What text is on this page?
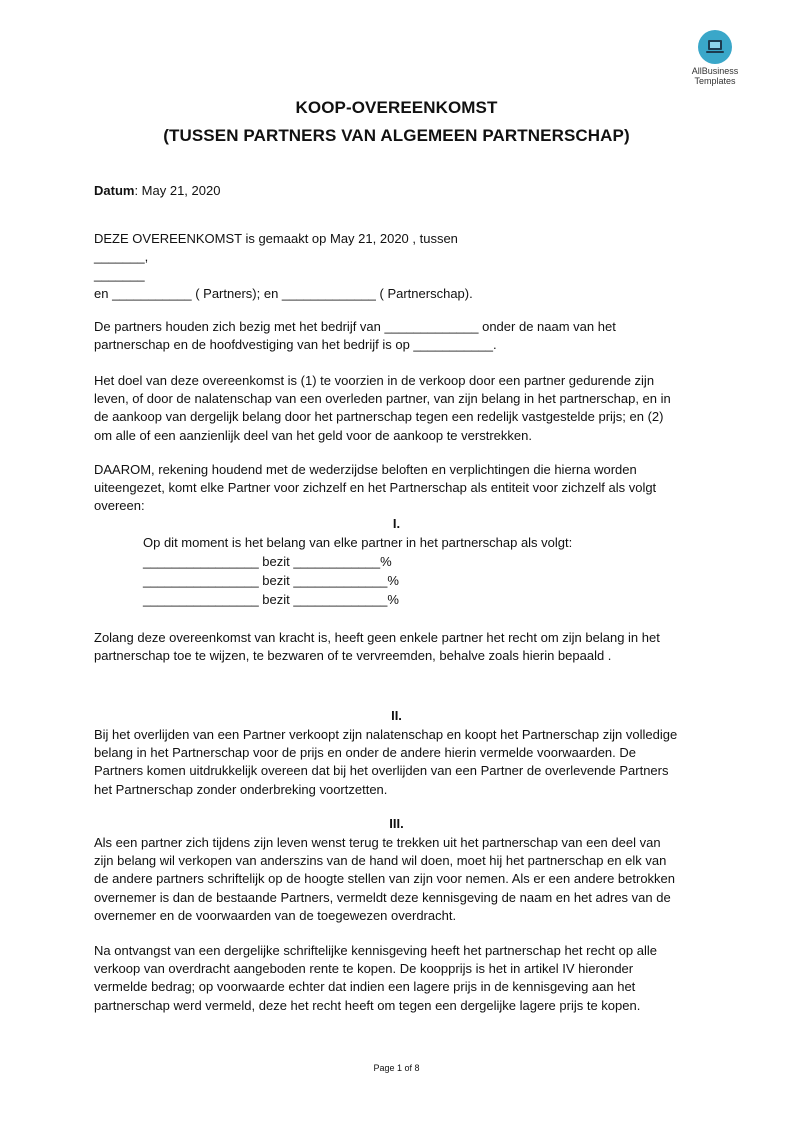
AllBusiness
Templates
KOOP-OVEREENKOMST
(TUSSEN PARTNERS VAN ALGEMEEN PARTNERSCHAP)
Datum: May 21, 2020
DEZE OVEREENKOMST is gemaakt op May 21, 2020 , tussen
_______,
_______
en ___________ ( Partners); en _____________ ( Partnerschap).
De partners houden zich bezig met het bedrijf van _____________ onder de naam van het
partnerschap en de hoofdvestiging van het bedrijf is op ___________.
Het doel van deze overeenkomst is (1) te voorzien in de verkoop door een partner gedurende zijn
leven, of door de nalatenschap van een overleden partner, van zijn belang in het partnerschap, en in
de aankoop van dergelijk belang door het partnerschap tegen een redelijk vastgestelde prijs; en (2)
om alle of een aanzienlijk deel van het geld voor de aankoop te verstrekken.
DAAROM, rekening houdend met de wederzijdse beloften en verplichtingen die hierna worden
uiteengezet, komt elke Partner voor zichzelf en het Partnerschap als entiteit voor zichzelf als volgt
overeen:
I.
Op dit moment is het belang van elke partner in het partnerschap als volgt:
________________ bezit ____________%
________________ bezit _____________%
________________ bezit _____________%
Zolang deze overeenkomst van kracht is, heeft geen enkele partner het recht om zijn belang in het
partnerschap toe te wijzen, te bezwaren of te vervreemden, behalve zoals hierin bepaald .
II.
Bij het overlijden van een Partner verkoopt zijn nalatenschap en koopt het Partnerschap zijn volledige
belang in het Partnerschap voor de prijs en onder de andere hierin vermelde voorwaarden. De
Partners komen uitdrukkelijk overeen dat bij het overlijden van een Partner de overlevende Partners
het Partnerschap zonder onderbreking voortzetten.
III.
Als een partner zich tijdens zijn leven wenst terug te trekken uit het partnerschap van een deel van
zijn belang wil verkopen van anderszins van de hand wil doen, moet hij het partnerschap en elk van
de andere partners schriftelijk op de hoogte stellen van zijn voor nemen. Als er een andere betrokken
overnemer is dan de bestaande Partners, vermeldt deze kennisgeving de naam en het adres van de
overnemer en de voorwaarden van de toegewezen overdracht.
Na ontvangst van een dergelijke schriftelijke kennisgeving heeft het partnerschap het recht op alle
verkoop van overdracht aangeboden rente te kopen. De koopprijs is het in artikel IV hieronder
vermelde bedrag; op voorwaarde echter dat indien een lagere prijs in de kennisgeving aan het
partnerschap werd vermeld, deze het recht heeft om tegen een dergelijke lagere prijs te kopen.
Page 1 of 8
